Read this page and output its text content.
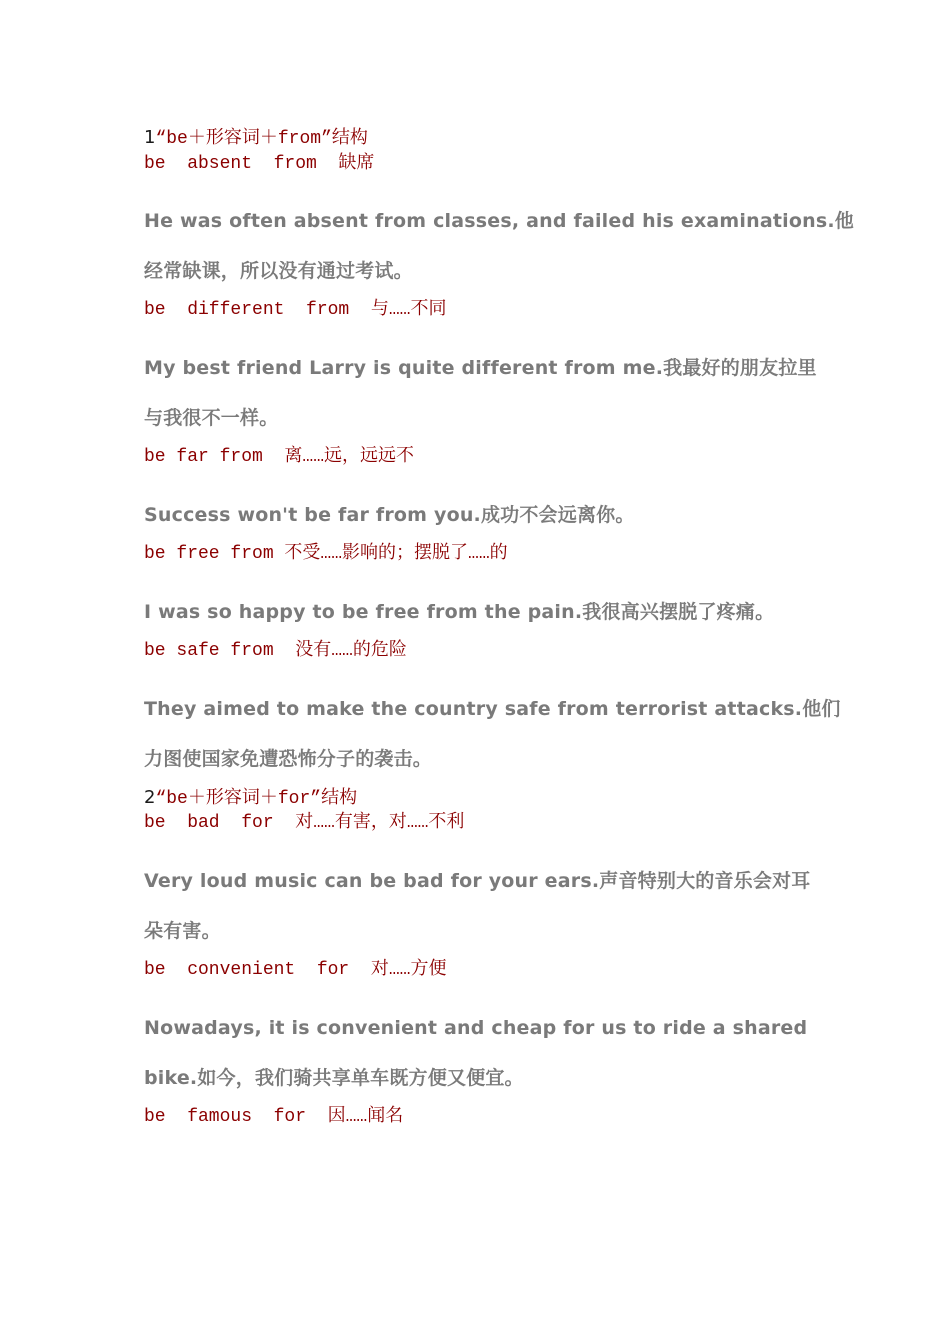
1“be＋形容词＋from”结构
be  absent  from  缺席
He was often absent from classes, and failed his examinations.他
经常缺课，所以没有通过考试。
be  different  from  与……不同
My best friend Larry is quite different from me.我最好的朋友拉里
与我很不一样。
be far from  离……远，远远不
Success won't be far from you.成功不会远离你。
be free from 不受……影响的；摆脱了……的
I was so happy to be free from the pain.我很高兴摆脱了疼痛。
be safe from  没有……的危险
They aimed to make the country safe from terrorist attacks.他们
力图使国家免遭恐怖分子的袭击。
2“be＋形容词＋for”结构
be  bad  for  对……有害，对……不利
Very loud music can be bad for your ears.声音特别大的音乐会对耳
朵有害。
be  convenient  for  对……方便
Nowadays, it is convenient and cheap for us to ride a shared
bike.如今，我们骑共享单车既方便又便宜。
be  famous  for  因……闻名
